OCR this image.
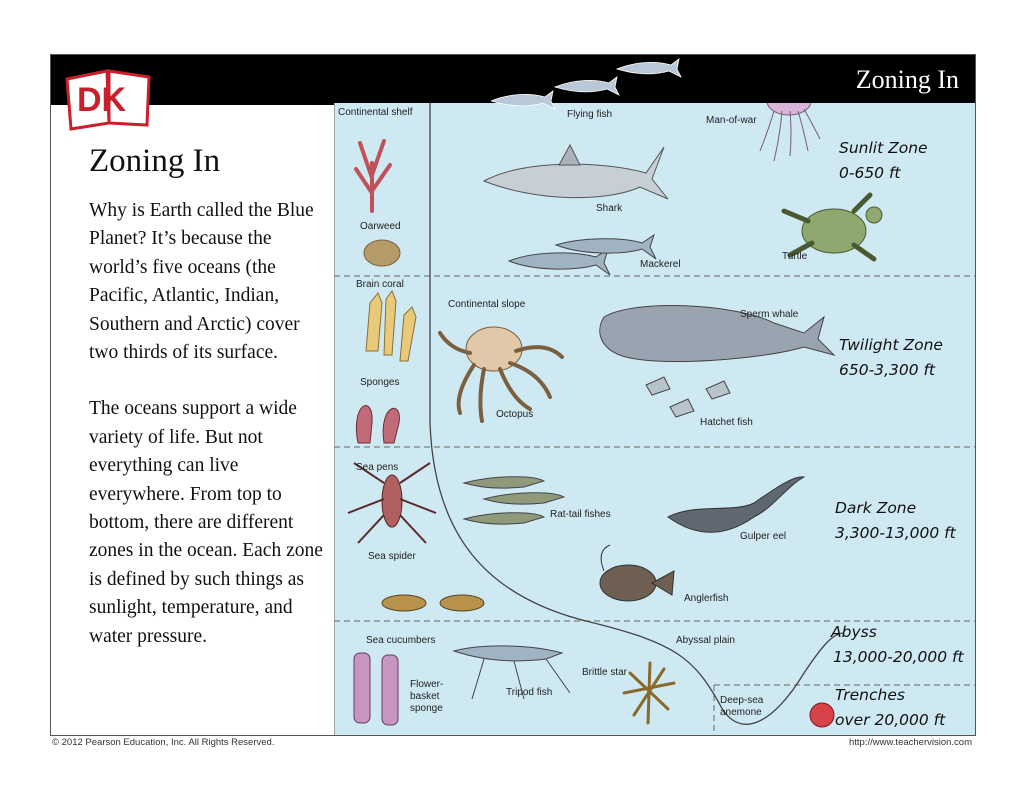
Zoning In
DK
Zoning In

Why is Earth called the Blue Planet? It’s because the world’s five oceans (the Pacific, Atlantic, Indian, Southern and Arctic) cover two thirds of its surface.

The oceans support a wide variety of life. But not everything can live everywhere. From top to bottom, there are different zones in the ocean. Each zone is defined by such things as sunlight, temperature, and water pressure.

Continental shelf	Flying fish
Man-of-war
Oarweed
Shark
Mackerel
Turtle
Brain coral
Continental slope
Sperm whale
Sponges
Octopus
Hatchet fish
Sea pens
Rat-tail fishes
Gulper eel
Sea spider
Anglerfish
Sea cucumbers	Abyssal plain
Brittle star
Tripod fish
Flower-
basket
sponge
Deep-sea
anemone
Sunlit Zone
0-650 ft
Twilight Zone
650-3,300 ft
Dark Zone
3,300-13,000 ft
Abyss
13,000-20,000 ft
Trenches
over 20,000 ft
© 2012 Pearson Education, Inc. All Rights Reserved.	http://www.teachervision.com
